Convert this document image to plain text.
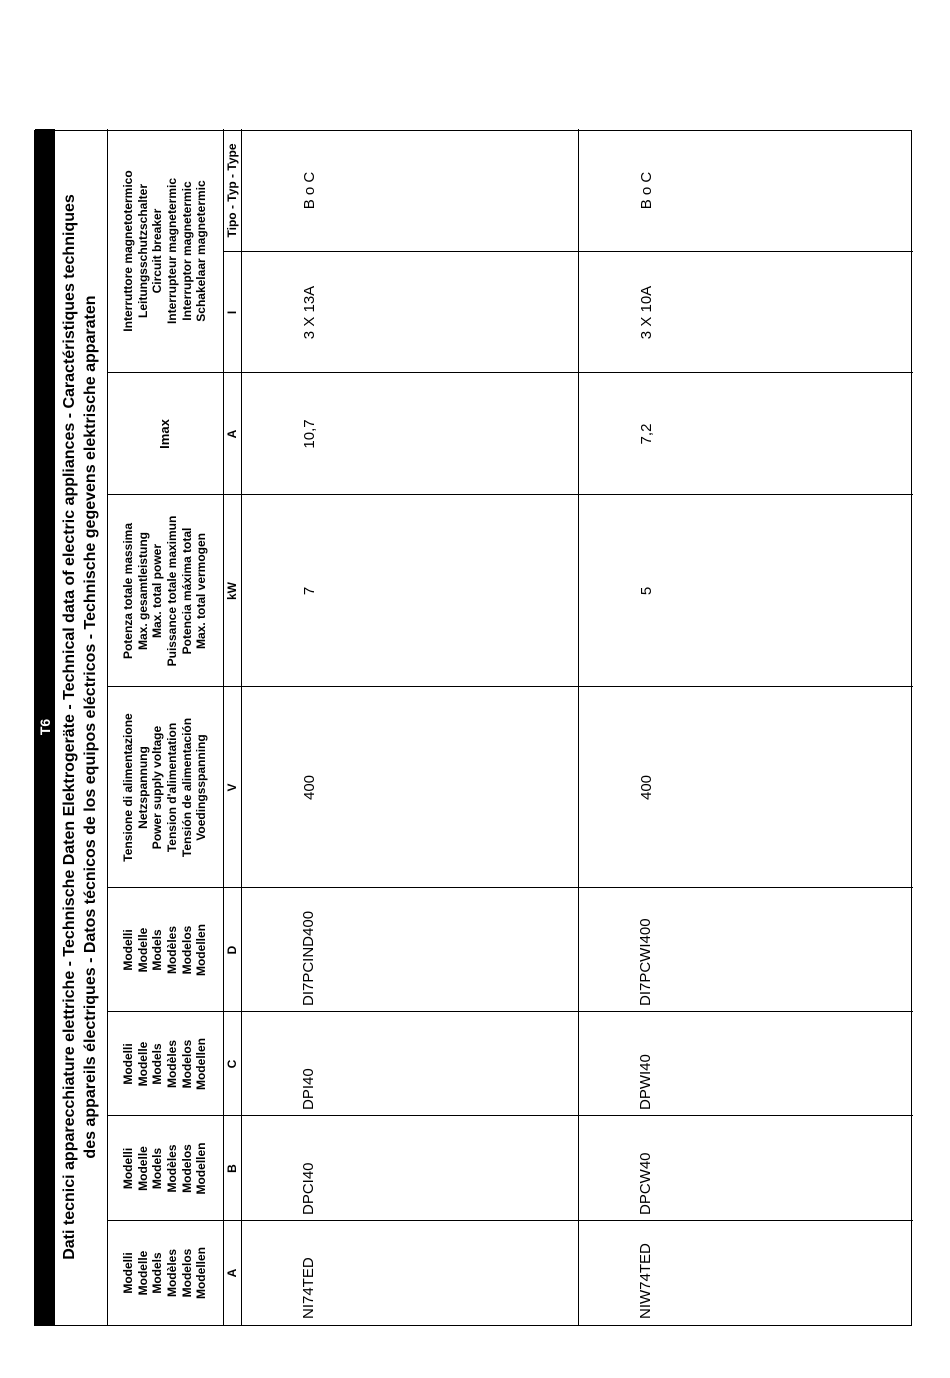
T6 Dati tecnici apparecchiature elettriche - Technische Daten Elektrogeräte - Technical data of electric appliances - Caractéristiques techniques des appareils électriques - Datos técnicos de los equipos eléctricos - Technische gegevens elektrische apparaten
Modelli Modelle Models Modèles Modelos Modellen
Modelli Modelle Models Modèles Modelos Modellen
Modelli Modelle Models Modèles Modelos Modellen
Modelli Modelle Models Modèles Modelos Modellen
Tensione di alimentazione Netzspannung Power supply voltage Tension d'alimentation Tensión de alimentación Voedingsspanning
Potenza totale massima Max. gesamtleistung Max. total power Puissance totale maximun Potencia máxima total Max. total vermogen
Imax
Interruttore magnetotermico Leitungsschutzschalter Circuit breaker Interrupteur magnetermic Interruptor magnetermic Schakelaar magnetermic
A
B
C
D
V
kW
A
I
Tipo - Typ - Type
NI74TED
DPCI40
DPI40
DI7PCIND400
400
7
10,7
3 X 13A
B o C
NIW74TED
DPCW40
DPWI40
DI7PCWI400
400
5
7,2
3 X 10A
B o C
